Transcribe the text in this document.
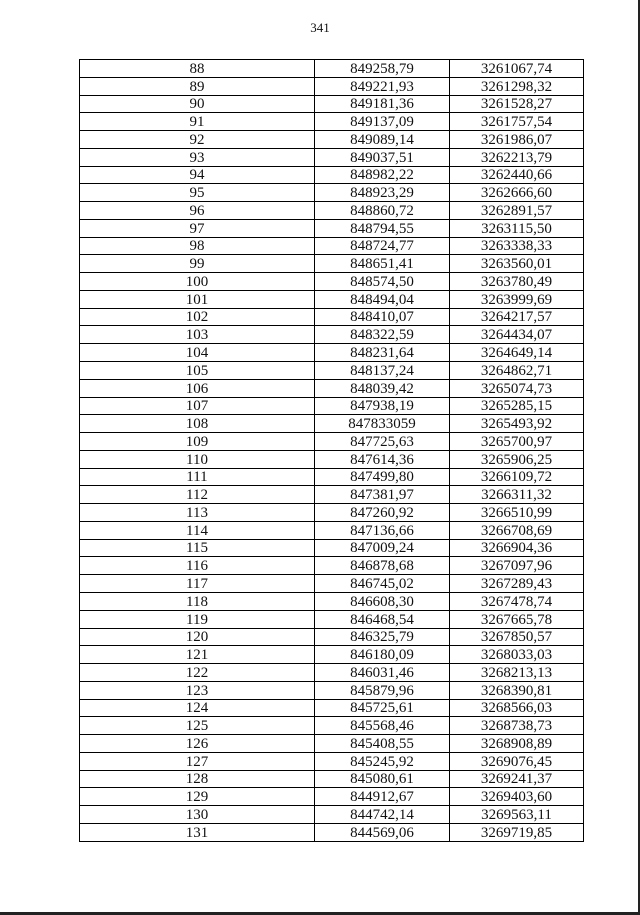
341
88	849258,79	3261067,74
89	849221,93	3261298,32
90	849181,36	3261528,27
91	849137,09	3261757,54
92	849089,14	3261986,07
93	849037,51	3262213,79
94	848982,22	3262440,66
95	848923,29	3262666,60
96	848860,72	3262891,57
97	848794,55	3263115,50
98	848724,77	3263338,33
99	848651,41	3263560,01
100	848574,50	3263780,49
101	848494,04	3263999,69
102	848410,07	3264217,57
103	848322,59	3264434,07
104	848231,64	3264649,14
105	848137,24	3264862,71
106	848039,42	3265074,73
107	847938,19	3265285,15
108	847833059	3265493,92
109	847725,63	3265700,97
110	847614,36	3265906,25
111	847499,80	3266109,72
112	847381,97	3266311,32
113	847260,92	3266510,99
114	847136,66	3266708,69
115	847009,24	3266904,36
116	846878,68	3267097,96
117	846745,02	3267289,43
118	846608,30	3267478,74
119	846468,54	3267665,78
120	846325,79	3267850,57
121	846180,09	3268033,03
122	846031,46	3268213,13
123	845879,96	3268390,81
124	845725,61	3268566,03
125	845568,46	3268738,73
126	845408,55	3268908,89
127	845245,92	3269076,45
128	845080,61	3269241,37
129	844912,67	3269403,60
130	844742,14	3269563,11
131	844569,06	3269719,85
